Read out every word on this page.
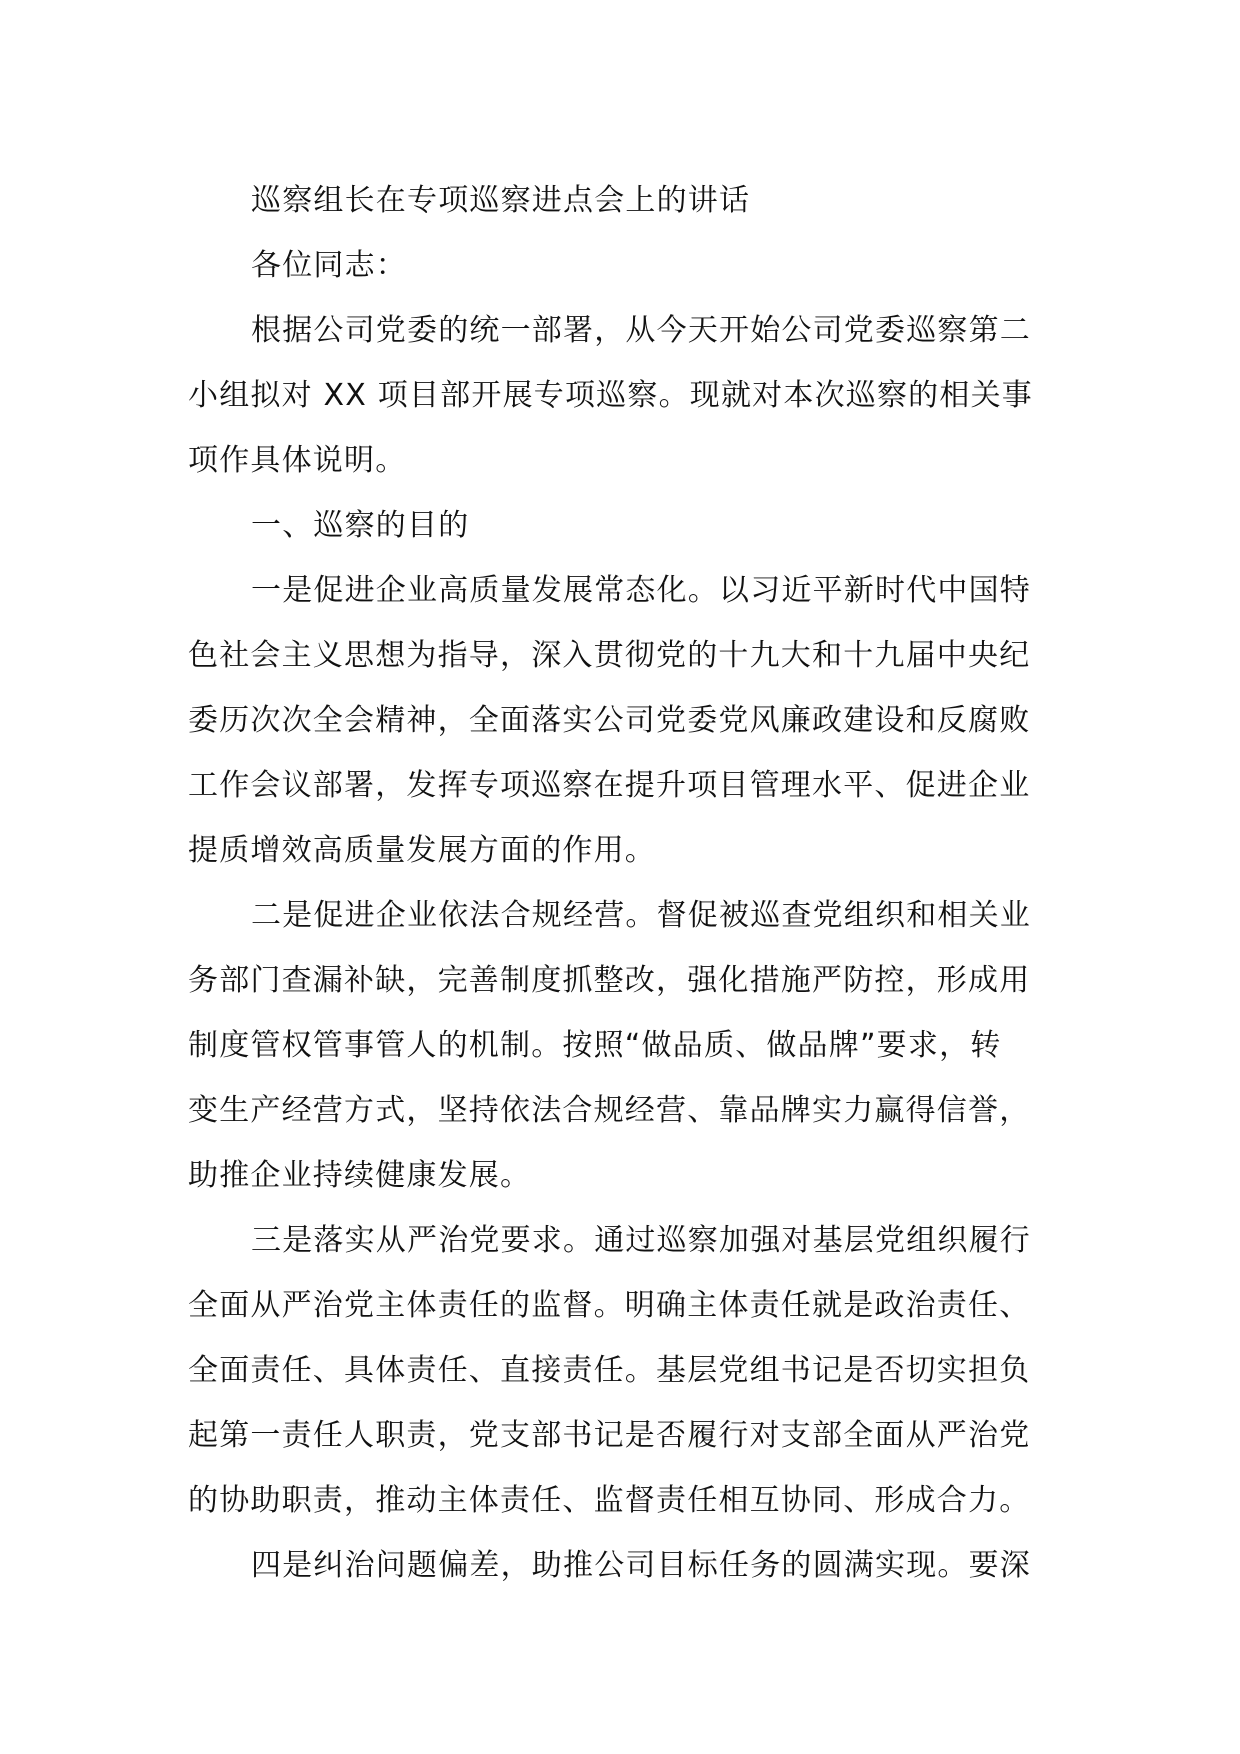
巡察组长在专项巡察进点会上的讲话

各位同志：

根据公司党委的统一部署，从今天开始公司党委巡察第二
小组拟对 XX 项目部开展专项巡察。现就对本次巡察的相关事
项作具体说明。

一、巡察的目的

一是促进企业高质量发展常态化。以习近平新时代中国特
色社会主义思想为指导，深入贯彻党的十九大和十九届中央纪
委历次次全会精神，全面落实公司党委党风廉政建设和反腐败
工作会议部署，发挥专项巡察在提升项目管理水平、促进企业
提质增效高质量发展方面的作用。

二是促进企业依法合规经营。督促被巡查党组织和相关业
务部门查漏补缺，完善制度抓整改，强化措施严防控，形成用
制度管权管事管人的机制。按照“做品质、做品牌”要求，转
变生产经营方式，坚持依法合规经营、靠品牌实力赢得信誉，
助推企业持续健康发展。

三是落实从严治党要求。通过巡察加强对基层党组织履行
全面从严治党主体责任的监督。明确主体责任就是政治责任、
全面责任、具体责任、直接责任。基层党组书记是否切实担负
起第一责任人职责，党支部书记是否履行对支部全面从严治党
的协助职责，推动主体责任、监督责任相互协同、形成合力。

四是纠治问题偏差，助推公司目标任务的圆满实现。要深
